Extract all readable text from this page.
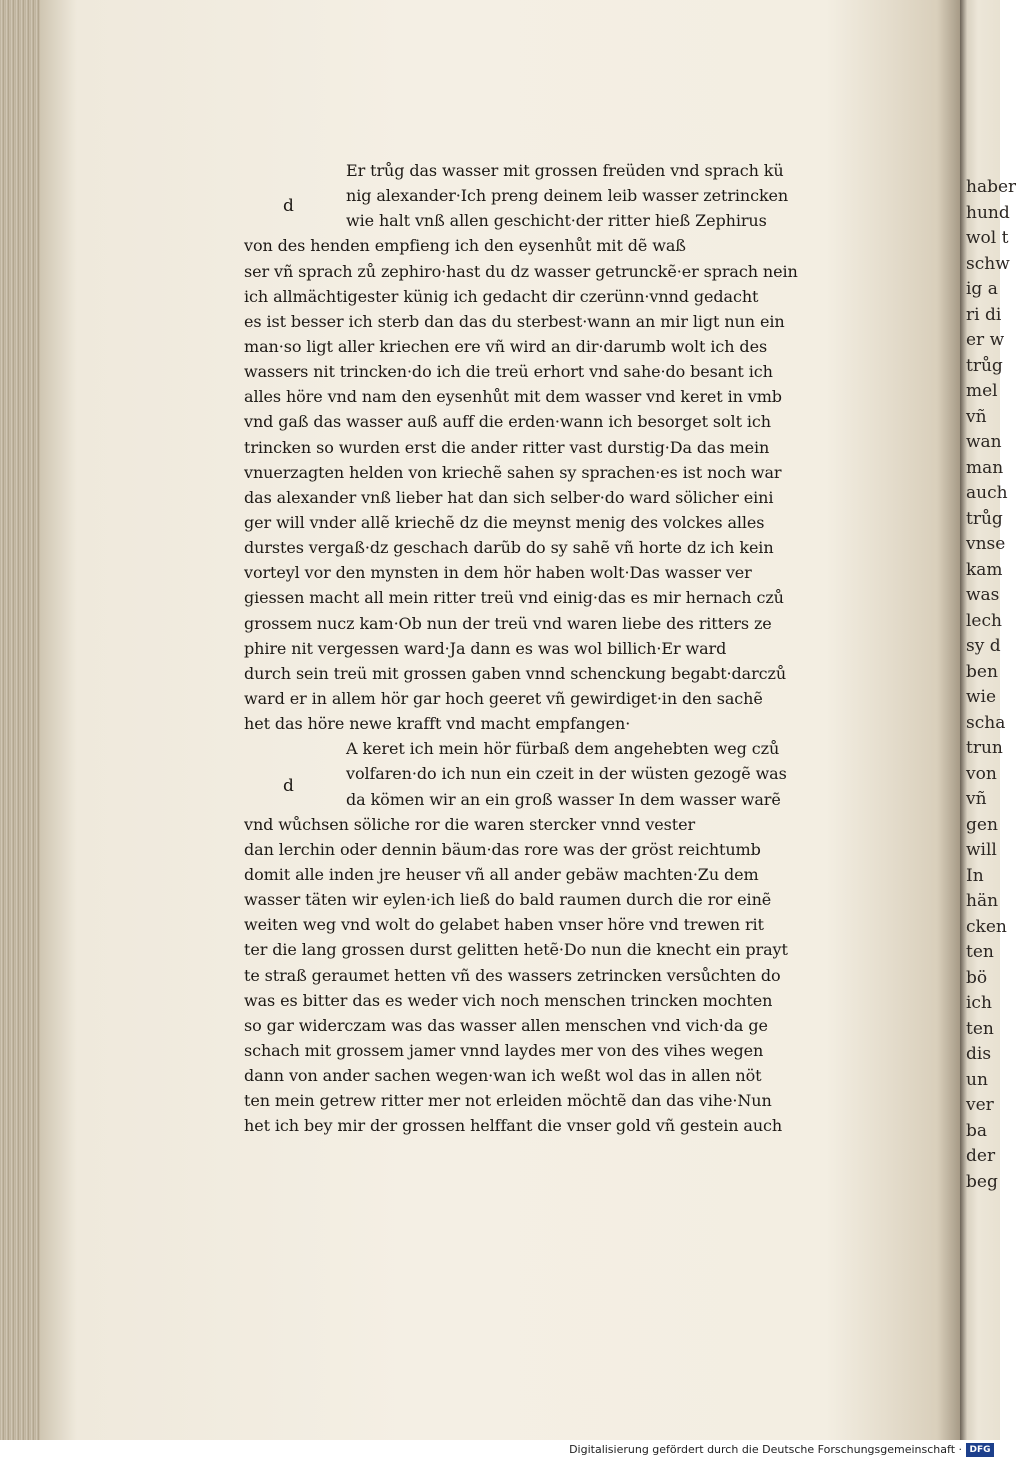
d
d
Er trůg das wasser mit grossen freüden vnd sprach kü
nig alexander·Ich preng deinem leib wasser zetrincken
wie halt vnß allen geschicht·der ritter hieß Zephirus
von des henden empfieng ich den eysenhůt mit dẽ waß
ser vñ sprach zů zephiro·hast du dz wasser getrunckẽ·er sprach nein
ich allmächtigester künig ich gedacht dir czerünn·vnnd gedacht
es ist besser ich sterb dan das du sterbest·wann an mir ligt nun ein
man·so ligt aller kriechen ere vñ wird an dir·darumb wolt ich des
wassers nit trincken·do ich die treü erhort vnd sahe·do besant ich
alles höre vnd nam den eysenhůt mit dem wasser vnd keret in vmb
vnd gaß das wasser auß auff die erden·wann ich besorget solt ich
trincken so wurden erst die ander ritter vast durstig·Da das mein
vnuerzagten helden von kriechẽ sahen sy sprachen·es ist noch war
das alexander vnß lieber hat dan sich selber·do ward sölicher eini
ger will vnder allẽ kriechẽ dz die meynst menig des volckes alles
durstes vergaß·dz geschach darũb do sy sahẽ vñ horte dz ich kein
vorteyl vor den mynsten in dem hör haben wolt·Das wasser ver
giessen macht all mein ritter treü vnd einig·das es mir hernach czů
grossem nucz kam·Ob nun der treü vnd waren liebe des ritters ze
phire nit vergessen ward·Ja dann es was wol billich·Er ward
durch sein treü mit grossen gaben vnnd schenckung begabt·darczů
ward er in allem hör gar hoch geeret vñ gewirdiget·in den sachẽ
het das höre newe krafft vnd macht empfangen·
A keret ich mein hör fürbaß dem angehebten weg czů
volfaren·do ich nun ein czeit in der wüsten gezogẽ was
da kömen wir an ein groß wasser In dem wasser warẽ
vnd wůchsen söliche ror die waren stercker vnnd vester
dan lerchin oder dennin bäum·das rore was der gröst reichtumb
domit alle inden jre heuser vñ all ander gebäw machten·Zu dem
wasser täten wir eylen·ich ließ do bald raumen durch die ror einẽ
weiten weg vnd wolt do gelabet haben vnser höre vnd trewen rit
ter die lang grossen durst gelitten hetẽ·Do nun die knecht ein prayt
te straß geraumet hetten vñ des wassers zetrincken versůchten do
was es bitter das es weder vich noch menschen trincken mochten
so gar widerczam was das wasser allen menschen vnd vich·da ge
schach mit grossem jamer vnnd laydes mer von des vihes wegen
dann von ander sachen wegen·wan ich weßt wol das in allen nöt
ten mein getrew ritter mer not erleiden möchtẽ dan das vihe·Nun
het ich bey mir der grossen helffant die vnser gold vñ gestein auch
haber
hund
wol t
schw
ig a
ri di
er w
trůg
mel
vñ
wan
man
auch
trůg
vnse
kam
was
lech
sy d
ben
wie
scha
trun
von
vñ
gen
will
In
hän
cken
ten
bö
ich
ten
dis
un
ver
ba
der
beg
Digitalisierung gefördert durch die Deutsche Forschungsgemeinschaft · DFG
